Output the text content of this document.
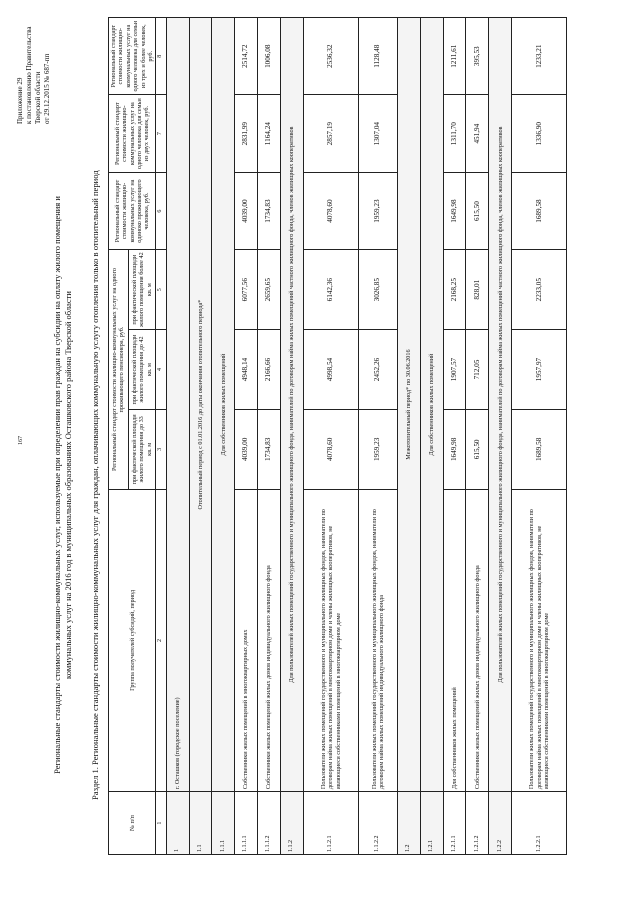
167
Приложение 29 к постановлению Правительства Тверской области от 29.12.2015 № 687-пп
Региональные стандарты стоимости жилищно-коммунальных услуг, используемые при определении прав граждан на субсидии на оплату жилого помещения и коммунальных услуг на 2016 год в муниципальных образованиях Осташковского района Тверской области Раздел 1. Региональные стандарты стоимости жилищно-коммунальных услуг для граждан, оплачивающих коммунальную услугу отопления только в отопительный период
№ п/п	Группа получателей субсидий, период	Региональный стандарт стоимости жилищно-коммунальных услуг на одного проживающего пенсионера, руб.			Региональный стандарт стоимости жилищно-коммунальных услуг на одиноко проживающего человека, руб.	Региональный стандарт стоимости жилищно-коммунальных услуг на одного человека для семьи из двух человек, руб.	Региональный стандарт стоимости жилищно-коммунальных услуг на одного человека для семьи из трех и более человек, руб.
		при фактической площади жилого помещения до 33 кв. м	при фактической площади жилого помещения до 42 кв. м	при фактической площади жилого помещения более 42 кв. м			
1	2	3	4	5	6	7	8
1	г. Осташков (городское поселение)						
1.1	Отопительный период с 01.01.2016 до даты окончания отопительного периода*						
1.1.1	Для собственников жилых помещений						
1.1.1.1	Собственники жилых помещений в многоквартирных домах	4039,00	4948,14	6077,56	4039,00	2831,99	2514,72
1.1.1.2	Собственники жилых помещений жилых домов индивидуального жилищного фонда	1734,83	2166,66	2659,65	1734,83	1164,24	1006,08
1.1.2	Для пользователей жилых помещений государственного и муниципального жилищного фонда, нанимателей по договорам найма жилых помещений частного жилищного фонда, членов жилищных кооперативов						
1.1.2.1	Пользователи жилых помещений государственного и муниципального жилищных фондов, наниматели по договорам найма жилых помещений в многоквартирном доме и члены жилищных кооперативов, не являющиеся собственниками помещений в многоквартирном доме	4078,60	4998,54	6142,36	4078,60	2857,19	2536,32
1.1.2.2	Пользователи жилых помещений государственного и муниципального жилищных фондов, наниматели по договорам найма жилых помещений индивидуального жилищного фонда	1959,23	2452,26	3026,85	1959,23	1307,04	1128,48
1.2	Межотопительный период* по 30.06.2016						
1.2.1	Для собственников жилых помещений						
1.2.1.1	Для собственников жилых помещений	1649,98	1907,57	2168,25	1649,98	1311,70	1211,61
1.2.1.2	Собственники жилых помещений жилых домов индивидуального жилищного фонда	615,50	712,05	828,01	615,50	451,94	395,53
1.2.2	Для пользователей жилых помещений государственного и муниципального жилищного фонда, нанимателей по договорам найма жилых помещений частного жилищного фонда, членов жилищных кооперативов						
1.2.2.1	Пользователи жилых помещений государственного и муниципального жилищных фондов, наниматели по договорам найма жилых помещений в многоквартирном доме и члены жилищных кооперативов, не являющиеся собственниками помещений в многоквартирном доме	1689,58	1957,97	2233,05	1689,58	1336,90	1233,21
